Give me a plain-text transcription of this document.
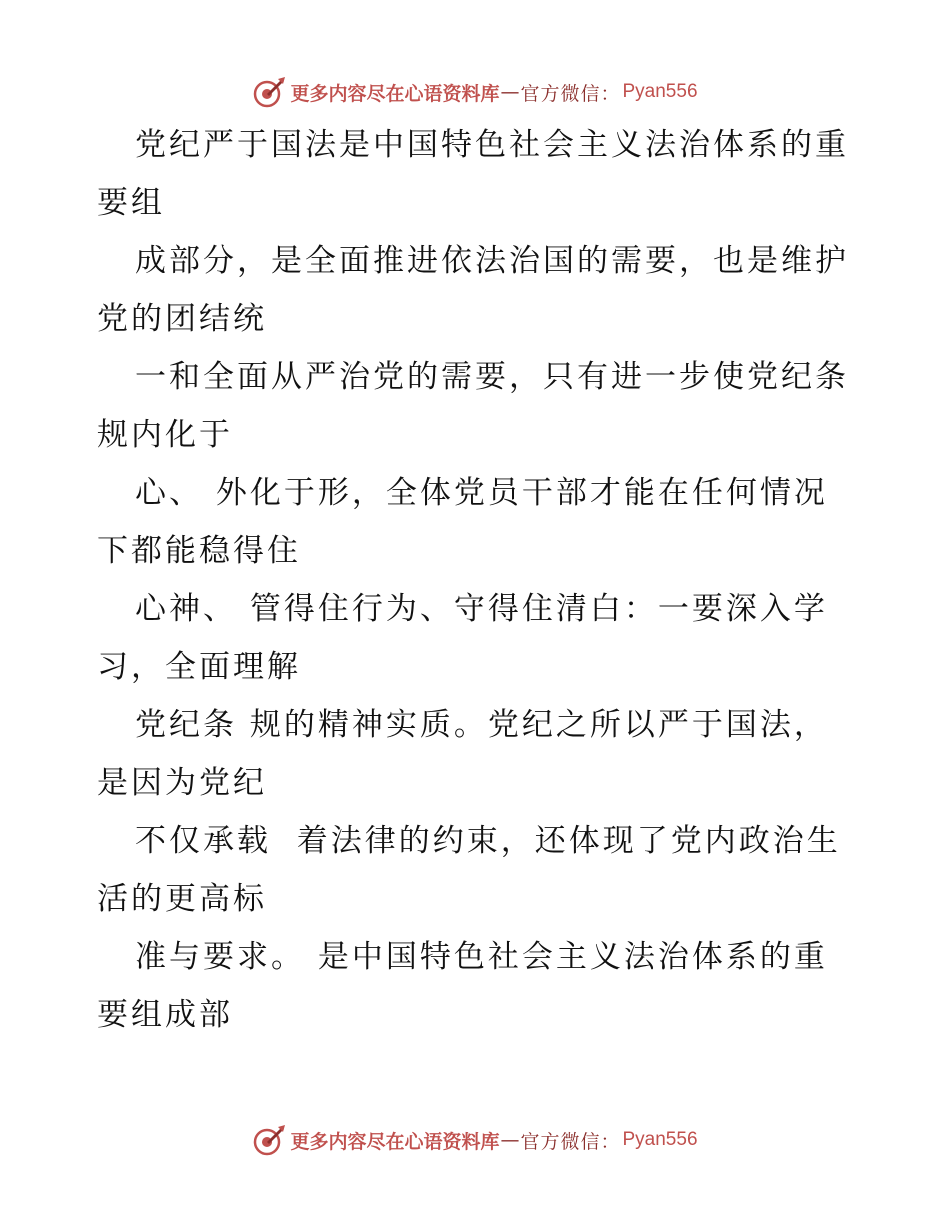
更多内容尽在心语资料库 — 官方微信： Pyan556
党纪严于国法是中国特色社会主义法治体系的重
要组
成部分，是全面推进依法治国的需要，也是维护
党的团结统
一和全面从严治党的需要，只有进一步使党纪条
规内化于
心、 外化于形，全体党员干部才能在任何情况
下都能稳得住
心神、 管得住行为、守得住清白：一要深入学
习，全面理解
党纪条 规的精神实质。党纪之所以严于国法，
是因为党纪
不仅承载  着法律的约束，还体现了党内政治生
活的更高标
准与要求。 是中国特色社会主义法治体系的重
要组成部
更多内容尽在心语资料库 — 官方微信： Pyan556
